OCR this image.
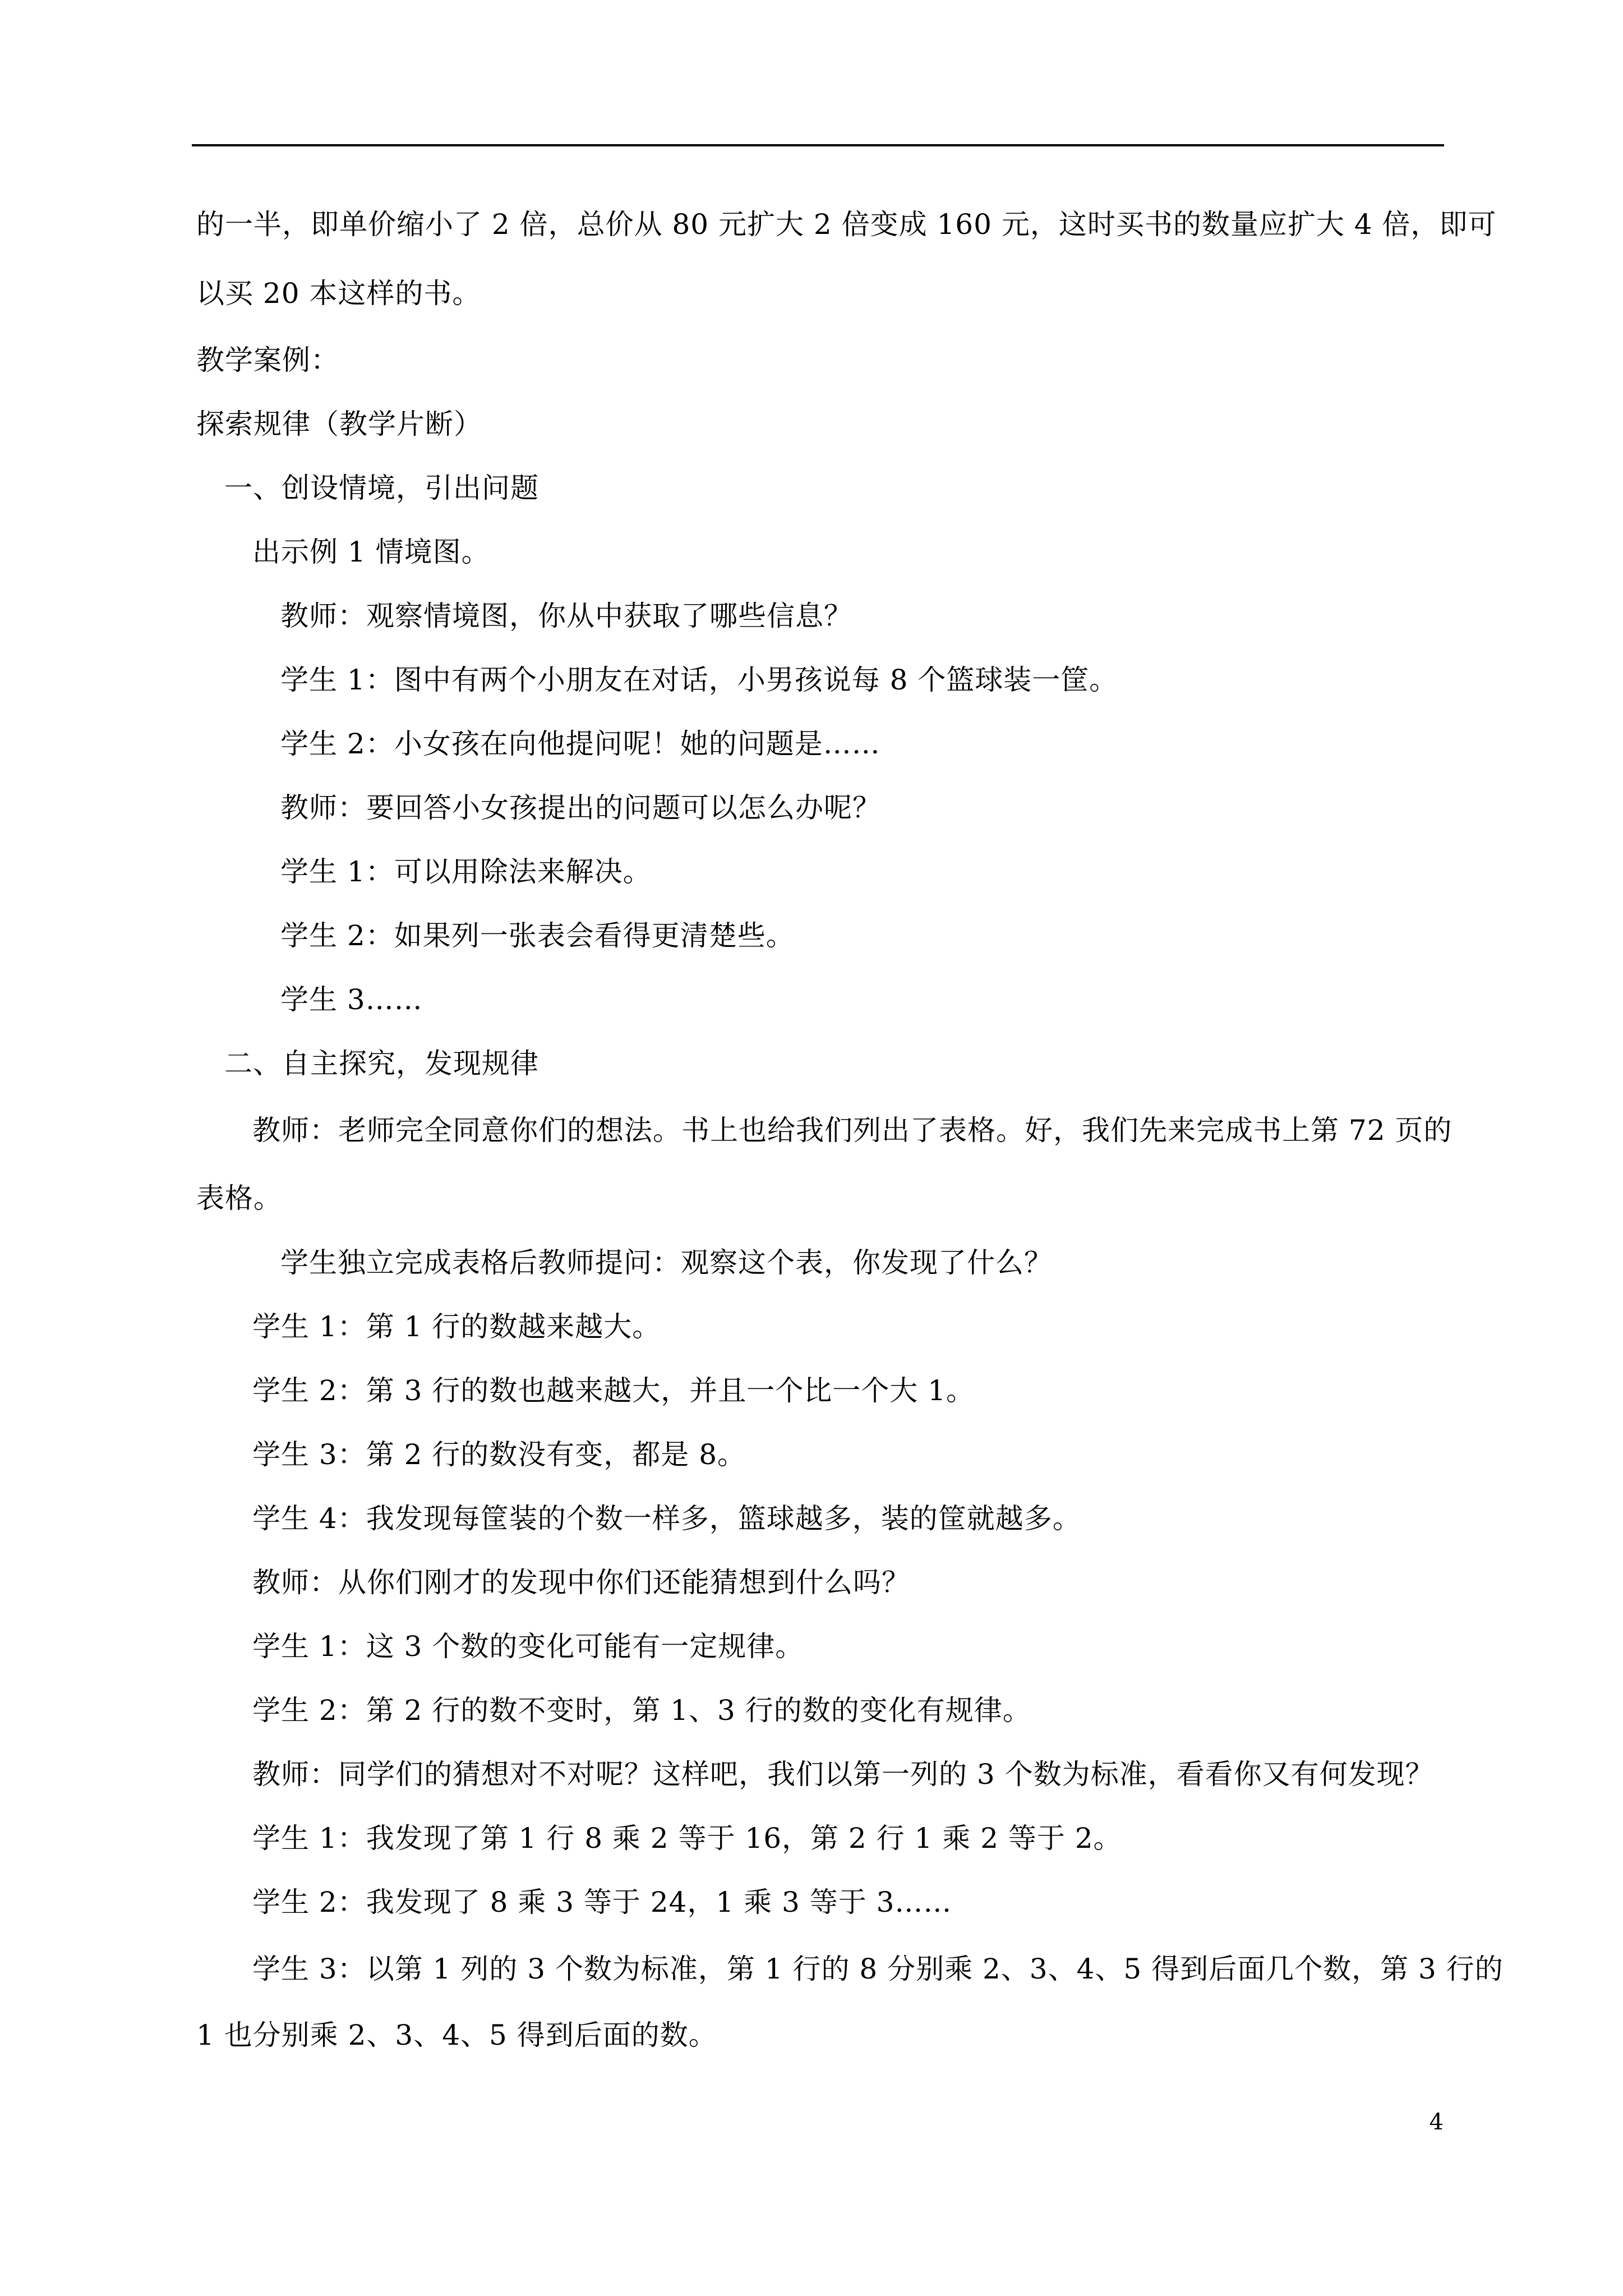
的一半，即单价缩小了 2 倍，总价从 80 元扩大 2 倍变成 160 元，这时买书的数量应扩大 4 倍，即可
以买 20 本这样的书。
教学案例：
探索规律（教学片断）
一、创设情境，引出问题
出示例 1 情境图。
教师：观察情境图，你从中获取了哪些信息？
学生 1：图中有两个小朋友在对话，小男孩说每 8 个篮球装一筐。
学生 2：小女孩在向他提问呢！她的问题是……
教师：要回答小女孩提出的问题可以怎么办呢？
学生 1：可以用除法来解决。
学生 2：如果列一张表会看得更清楚些。
学生 3……
二、自主探究，发现规律
教师：老师完全同意你们的想法。书上也给我们列出了表格。好，我们先来完成书上第 72 页的
表格。
学生独立完成表格后教师提问：观察这个表，你发现了什么？
学生 1：第 1 行的数越来越大。
学生 2：第 3 行的数也越来越大，并且一个比一个大 1。
学生 3：第 2 行的数没有变，都是 8。
学生 4：我发现每筐装的个数一样多，篮球越多，装的筐就越多。
教师：从你们刚才的发现中你们还能猜想到什么吗？
学生 1：这 3 个数的变化可能有一定规律。
学生 2：第 2 行的数不变时，第 1、3 行的数的变化有规律。
教师：同学们的猜想对不对呢？这样吧，我们以第一列的 3 个数为标准，看看你又有何发现？
学生 1：我发现了第 1 行 8 乘 2 等于 16，第 2 行 1 乘 2 等于 2。
学生 2：我发现了 8 乘 3 等于 24，1 乘 3 等于 3……
学生 3：以第 1 列的 3 个数为标准，第 1 行的 8 分别乘 2、3、4、5 得到后面几个数，第 3 行的
1 也分别乘 2、3、4、5 得到后面的数。
4
